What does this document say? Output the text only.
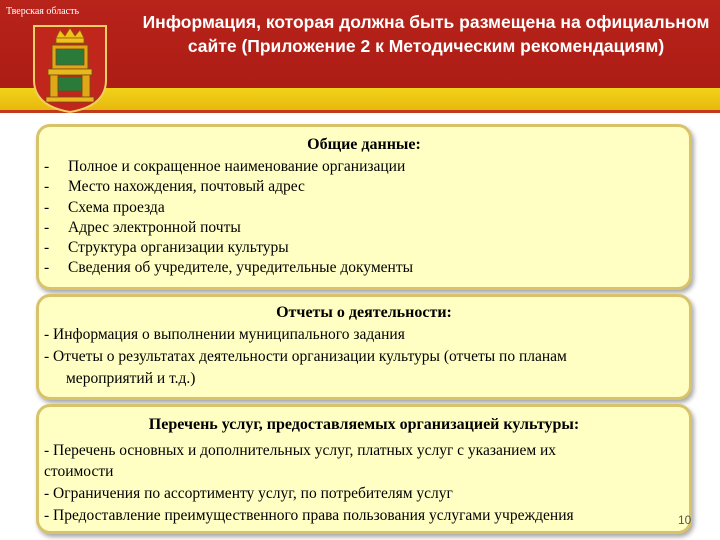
Тверская область
Информация, которая должна быть размещена на официальном сайте (Приложение 2 к Методическим рекомендациям)
Общие данные:
- Полное и сокращенное наименование организации
- Место нахождения, почтовый адрес
- Схема проезда
- Адрес электронной почты
- Структура организации культуры
- Сведения об учредителе, учредительные документы
Отчеты о деятельности:
- Информация о выполнении муниципального задания
- Отчеты о результатах деятельности организации культуры (отчеты по планам
мероприятий и т.д.)
Перечень услуг, предоставляемых организацией культуры:
- Перечень основных и дополнительных услуг, платных услуг с указанием их
стоимости
- Ограничения по ассортименту услуг, по потребителям услуг
- Предоставление преимущественного права пользования услугами учреждения	10
